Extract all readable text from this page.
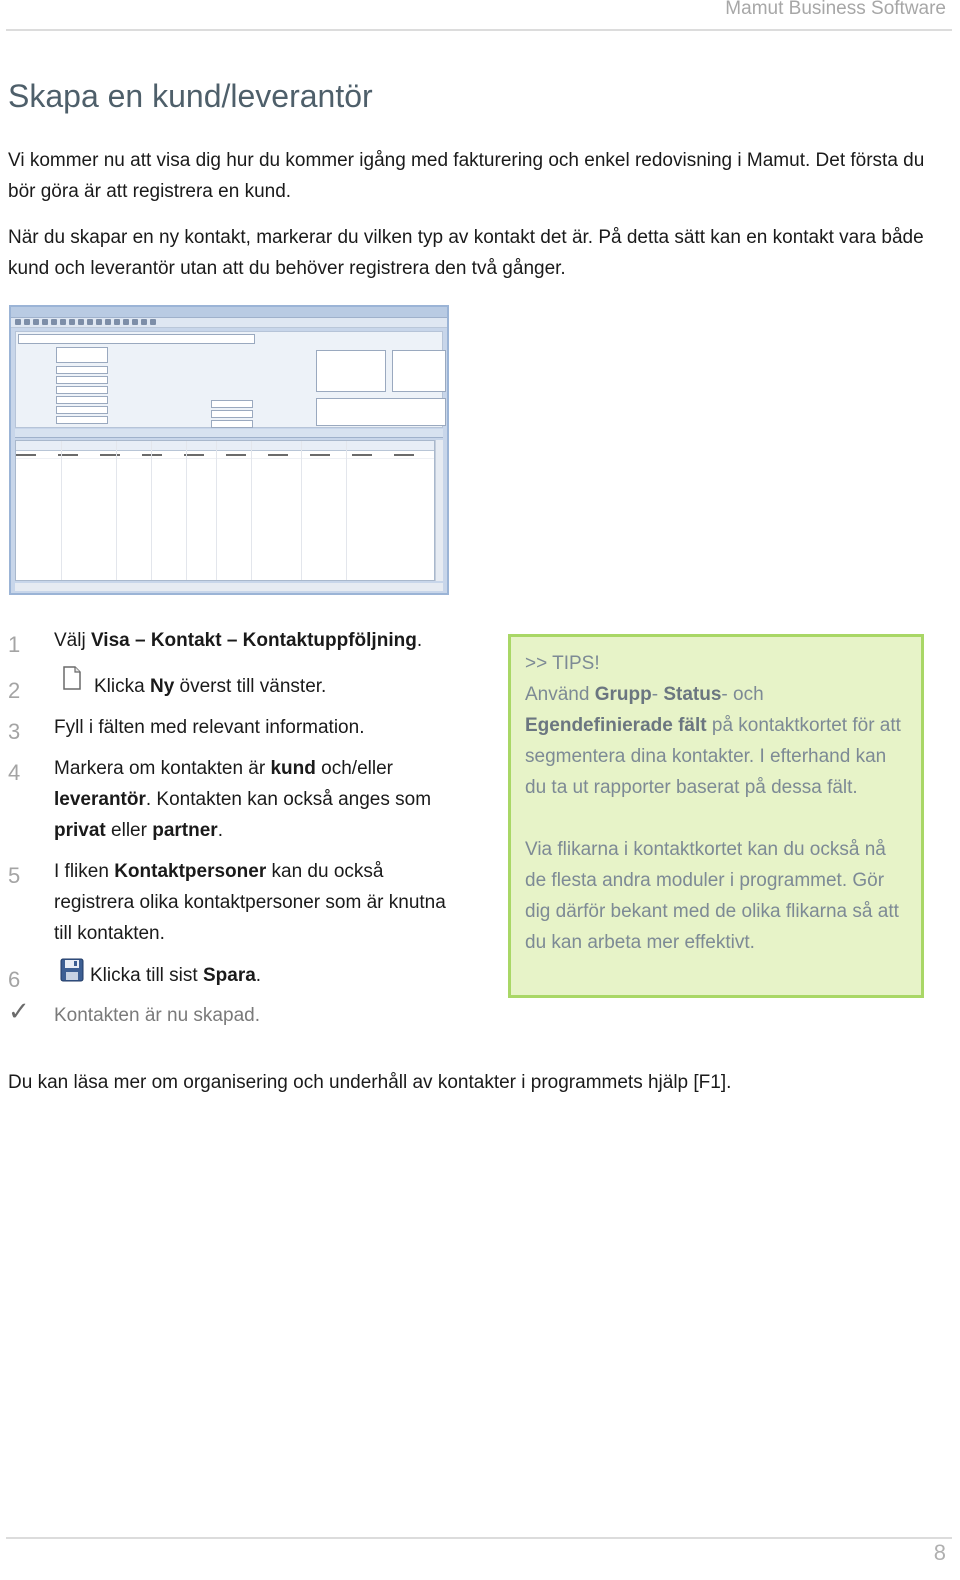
Mamut Business Software
Skapa en kund/leverantör

Vi kommer nu att visa dig hur du kommer igång med fakturering och enkel redovisning i Mamut. Det första du bör göra är att registrera en kund.

När du skapar en ny kontakt, markerar du vilken typ av kontakt det är. På detta sätt kan en kontakt vara både kund och leverantör utan att du behöver registrera den två gånger.

1	Välj Visa – Kontakt – Kontaktuppföljning.

2	Klicka Ny överst till vänster.

3	Fyll i fälten med relevant information.

4	Markera om kontakten är kund och/eller leverantör. Kontakten kan också anges som privat eller partner.

5	I fliken Kontaktpersoner kan du också registrera olika kontaktpersoner som är knutna till kontakten.

6	Klicka till sist Spara.

✓ Kontakten är nu skapad.

>> TIPS!

Använd Grupp- Status- och Egendefinierade fält på kontaktkortet för att segmentera dina kontakter. I efterhand kan du ta ut rapporter baserat på dessa fält.

Via flikarna i kontaktkortet kan du också nå de flesta andra moduler i programmet. Gör dig därför bekant med de olika flikarna så att du kan arbeta mer effektivt.

Du kan läsa mer om organisering och underhåll av kontakter i programmets hjälp [F1].

8
